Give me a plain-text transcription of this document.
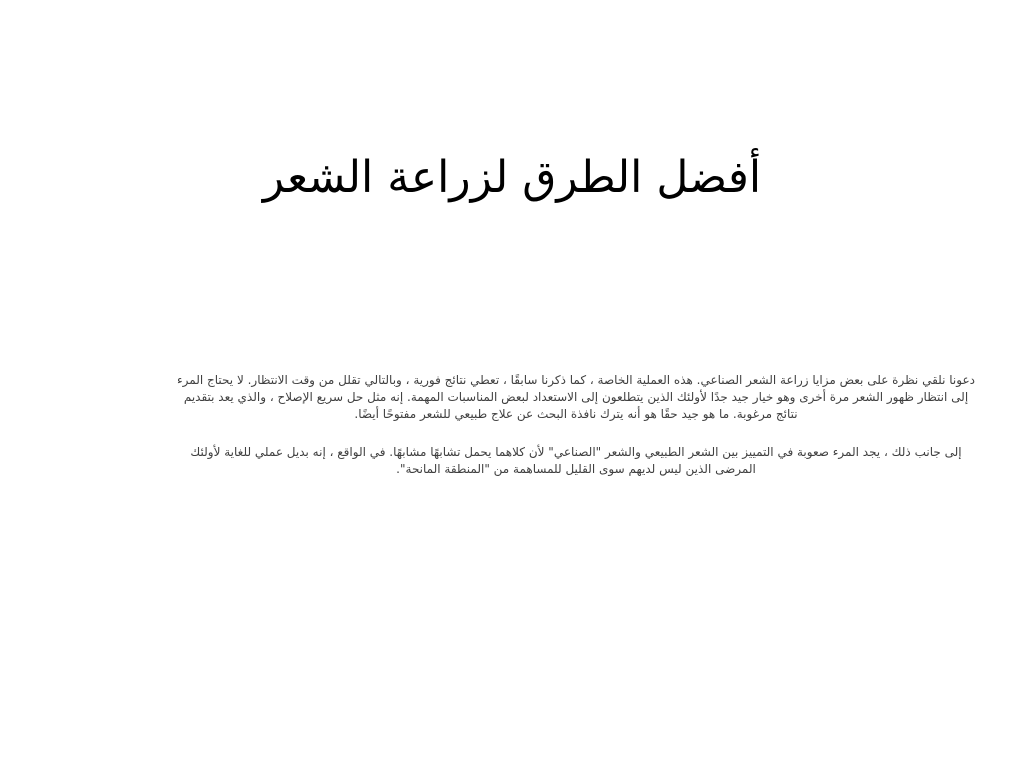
أفضل الطرق لزراعة الشعر

دعونا نلقي نظرة على بعض مزايا زراعة الشعر الصناعي. هذه العملية الخاصة ، كما ذكرنا سابقًا ، تعطي نتائج فورية ، وبالتالي تقلل من وقت الانتظار. لا يحتاج المرء إلى انتظار ظهور الشعر مرة أخرى وهو خيار جيد جدًا لأولئك الذين يتطلعون إلى الاستعداد لبعض المناسبات المهمة. إنه مثل حل سريع الإصلاح ، والذي يعد بتقديم نتائج مرغوبة. ما هو جيد حقًا هو أنه يترك نافذة البحث عن علاج طبيعي للشعر مفتوحًا أيضًا.

إلى جانب ذلك ، يجد المرء صعوبة في التمييز بين الشعر الطبيعي والشعر "الصناعي" لأن كلاهما يحمل تشابهًا مشابهًا. في الواقع ، إنه بديل عملي للغاية لأولئك المرضى الذين ليس لديهم سوى القليل للمساهمة من "المنطقة المانحة".
